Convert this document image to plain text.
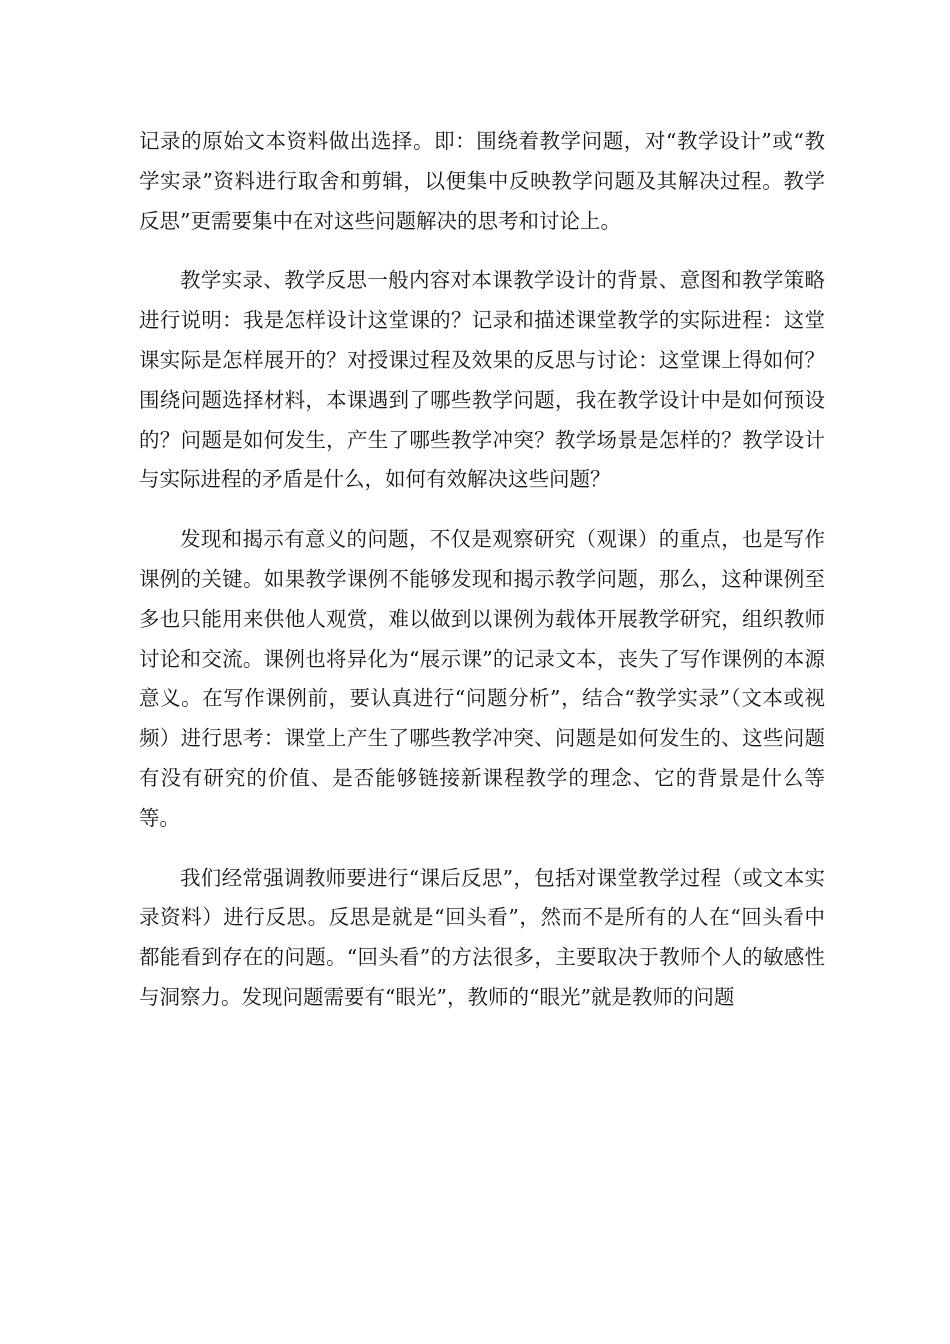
记录的原始文本资料做出选择。即：围绕着教学问题，对“教学设计”或“教学实录”资料进行取舍和剪辑，以便集中反映教学问题及其解决过程。教学反思”更需要集中在对这些问题解决的思考和讨论上。

教学实录、教学反思一般内容对本课教学设计的背景、意图和教学策略进行说明：我是怎样设计这堂课的？记录和描述课堂教学的实际进程：这堂课实际是怎样展开的？对授课过程及效果的反思与讨论：这堂课上得如何？围绕问题选择材料，本课遇到了哪些教学问题，我在教学设计中是如何预设的？问题是如何发生，产生了哪些教学冲突？教学场景是怎样的？教学设计与实际进程的矛盾是什么，如何有效解决这些问题？

发现和揭示有意义的问题，不仅是观察研究（观课）的重点，也是写作课例的关键。如果教学课例不能够发现和揭示教学问题，那么，这种课例至多也只能用来供他人观赏，难以做到以课例为载体开展教学研究，组织教师讨论和交流。课例也将异化为“展示课”的记录文本，丧失了写作课例的本源意义。在写作课例前，要认真进行“问题分析”，结合“教学实录”（文本或视频）进行思考：课堂上产生了哪些教学冲突、问题是如何发生的、这些问题有没有研究的价值、是否能够链接新课程教学的理念、它的背景是什么等等。

我们经常强调教师要进行“课后反思”，包括对课堂教学过程（或文本实录资料）进行反思。反思是就是“回头看”，然而不是所有的人在“回头看中都能看到存在的问题。“回头看”的方法很多，主要取决于教师个人的敏感性与洞察力。发现问题需要有“眼光”，教师的“眼光”就是教师的问题
